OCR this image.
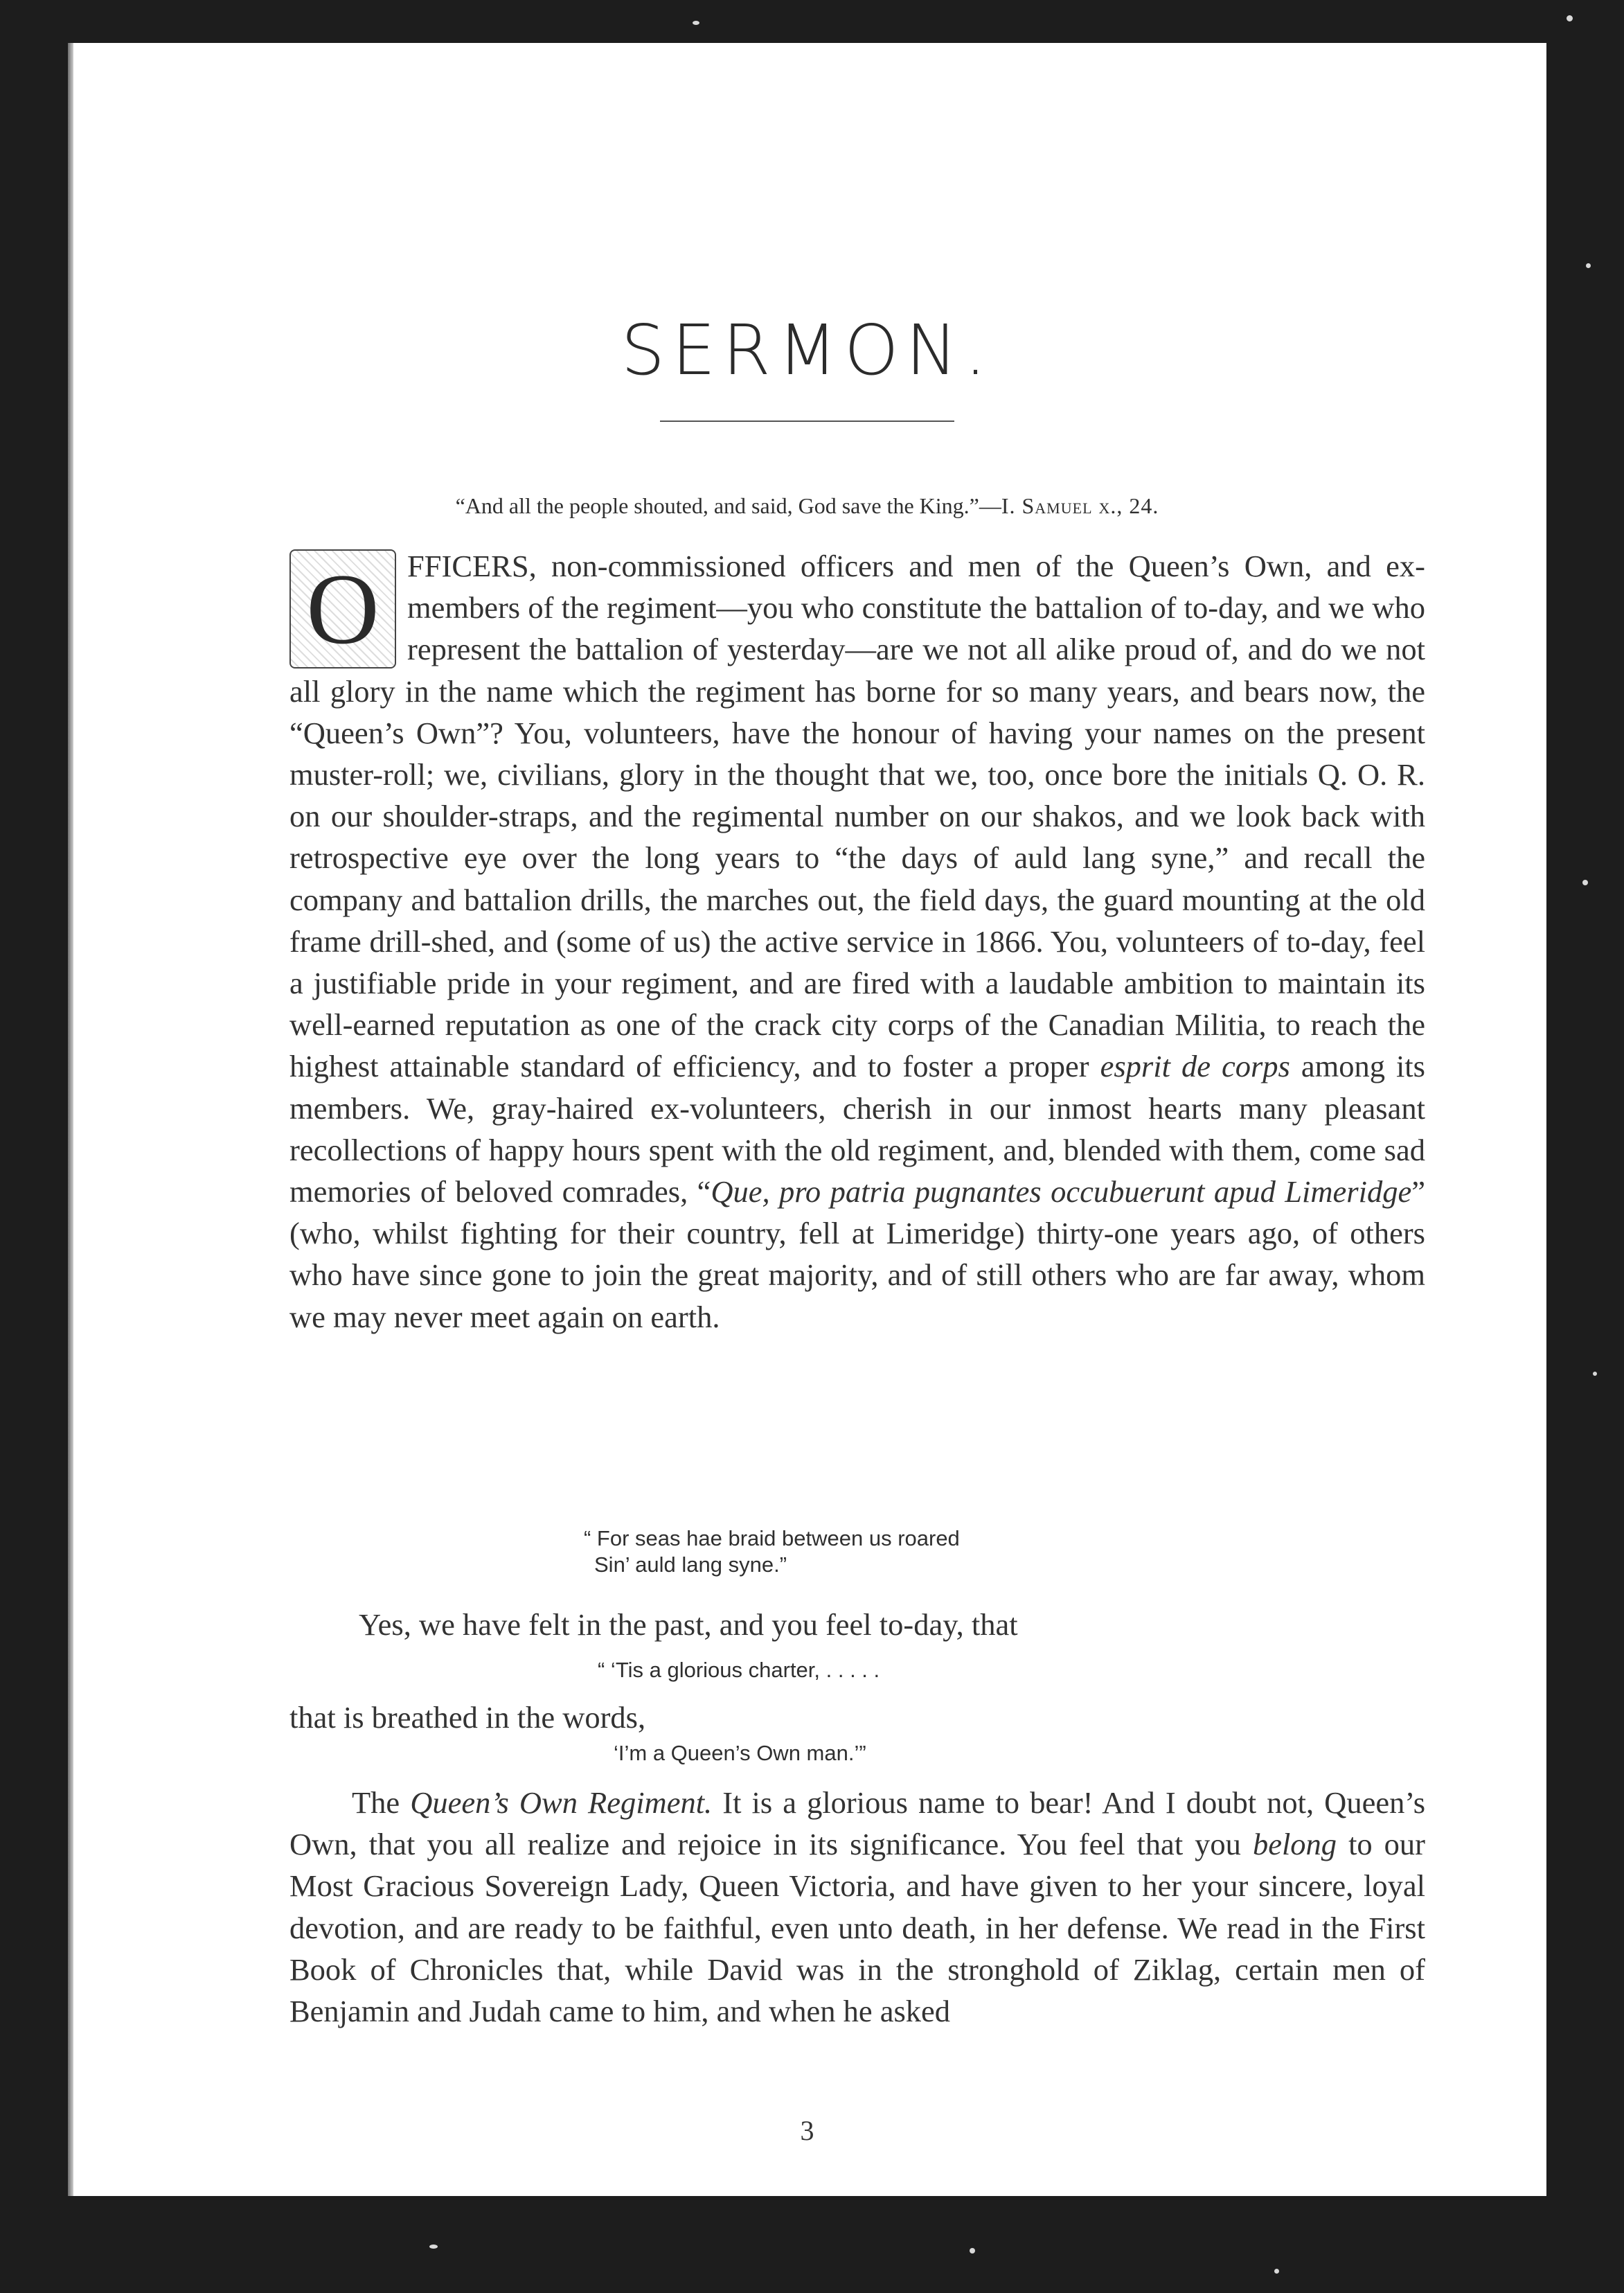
SERMON.
“And all the people shouted, and said, God save the King.”—I. Samuel x., 24.
O FFICERS, non-commissioned officers and men of the Queen’s Own, and ex-members of the regiment—you who constitute the battalion of to-day, and we who represent the battalion of yesterday—are we not all alike proud of, and do we not all glory in the name which the regiment has borne for so many years, and bears now, the “Queen’s Own”? You, volunteers, have the honour of having your names on the present muster-roll; we, civilians, glory in the thought that we, too, once bore the initials Q. O. R. on our shoulder-straps, and the regimental number on our shakos, and we look back with retrospective eye over the long years to “the days of auld lang syne,” and recall the company and battalion drills, the marches out, the field days, the guard mounting at the old frame drill-shed, and (some of us) the active service in 1866. You, volunteers of to-day, feel a justifiable pride in your regiment, and are fired with a laudable ambition to maintain its well-earned reputation as one of the crack city corps of the Canadian Militia, to reach the highest attainable standard of efficiency, and to foster a proper esprit de corps among its members. We, gray-haired ex-volunteers, cherish in our inmost hearts many pleasant recollections of happy hours spent with the old regiment, and, blended with them, come sad memories of beloved comrades, “Que, pro patria pugnantes occubuerunt apud Limeridge” (who, whilst fighting for their country, fell at Limeridge) thirty-one years ago, of others who have since gone to join the great majority, and of still others who are far away, whom we may never meet again on earth.
“ For seas hae braid between us roared
Sin’ auld lang syne.”
Yes, we have felt in the past, and you feel to-day, that
“ ‘Tis a glorious charter, . . . . .
that is breathed in the words,
‘I’m a Queen’s Own man.’”
The Queen’s Own Regiment. It is a glorious name to bear! And I doubt not, Queen’s Own, that you all realize and rejoice in its significance. You feel that you belong to our Most Gracious Sovereign Lady, Queen Victoria, and have given to her your sincere, loyal devotion, and are ready to be faithful, even unto death, in her defense. We read in the First Book of Chronicles that, while David was in the stronghold of Ziklag, certain men of Benjamin and Judah came to him, and when he asked
3
